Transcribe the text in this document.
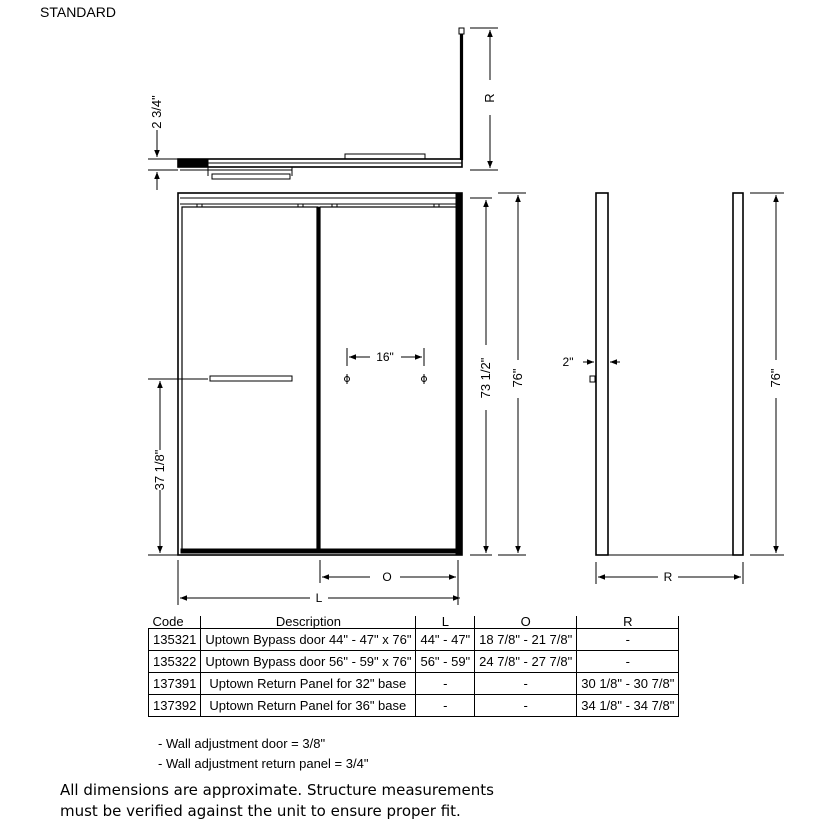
STANDARD
R
2 3/4"
16"
37 1/8"
73 1/2" 76"
O
L
2"
76"
R
Code	Description	L	O	R
135321	Uptown Bypass door 44" - 47" x 76"	44" - 47"	18 7/8" - 21 7/8"	-
135322	Uptown Bypass door 56" - 59" x 76"	56" - 59"	24 7/8" - 27 7/8"	-
137391	Uptown Return Panel for 32" base	-	-	30 1/8" - 30 7/8"
137392	Uptown Return Panel for 36" base	-	-	34 1/8" - 34 7/8"
- Wall adjustment door = 3/8"
- Wall adjustment return panel = 3/4"
All dimensions are approximate. Structure measurements
must be verified against the unit to ensure proper fit.
